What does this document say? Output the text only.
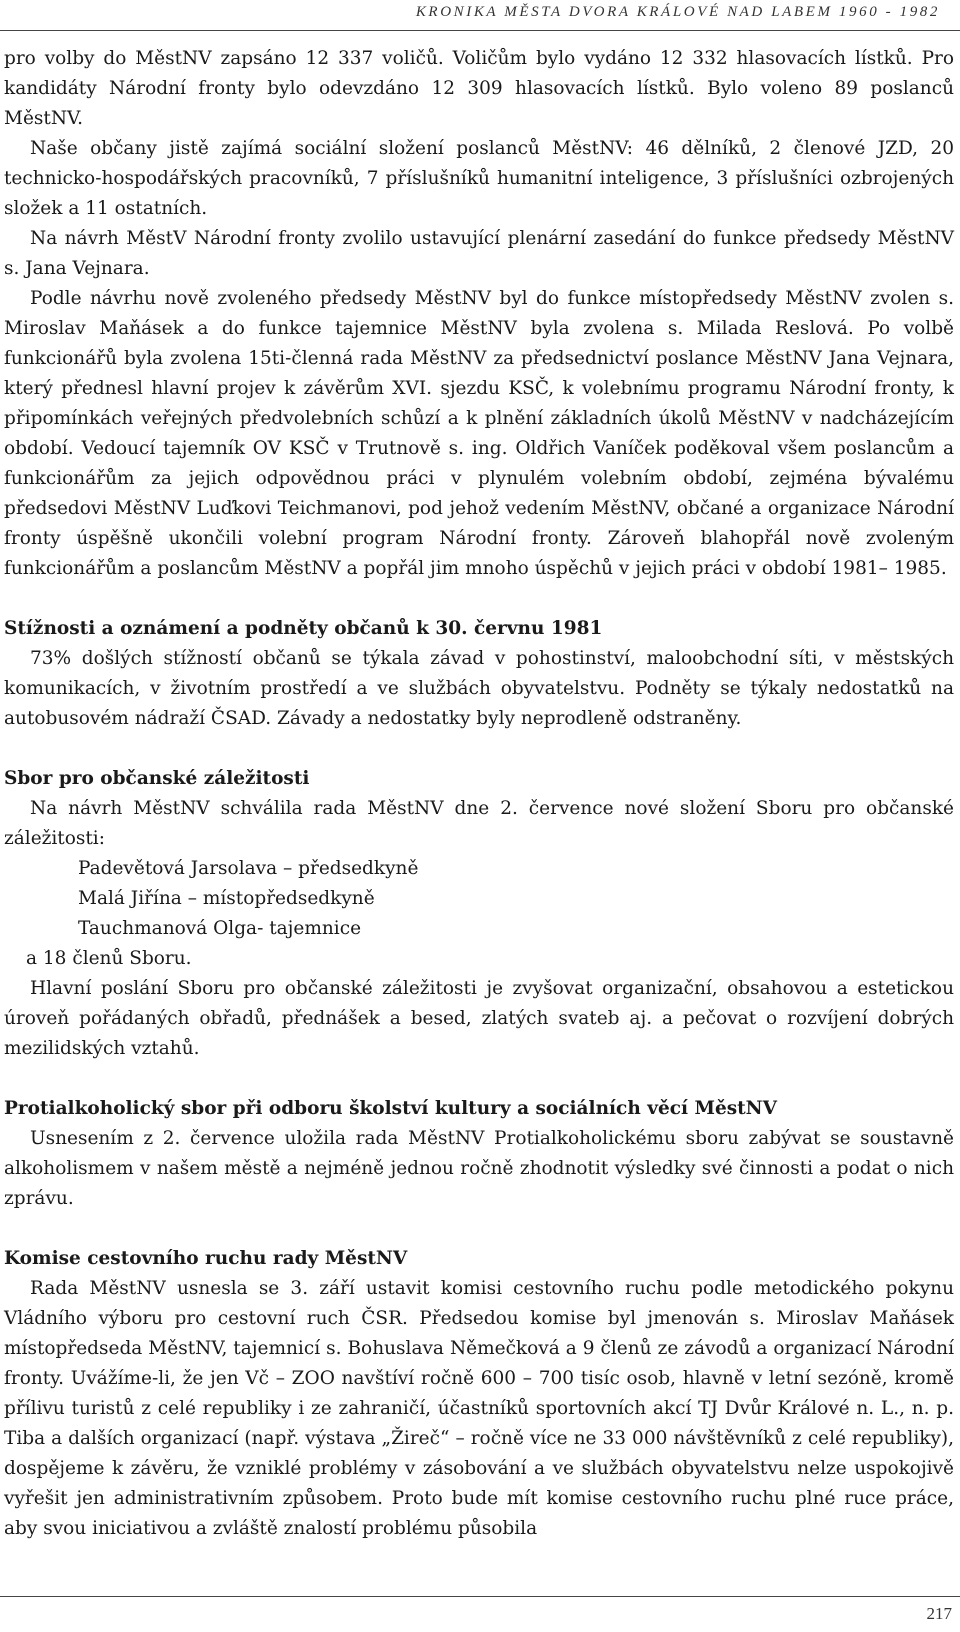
KRONIKA MĚSTA DVORA KRÁLOVÉ NAD LABEM 1960 - 1982

pro volby do MěstNV zapsáno 12 337 voličů. Voličům bylo vydáno 12 332 hlasovacích lístků. Pro kandidáty Národní fronty bylo odevzdáno 12 309 hlasovacích lístků. Bylo voleno 89 poslanců MěstNV.

Naše občany jistě zajímá sociální složení poslanců MěstNV: 46 dělníků, 2 členové JZD, 20 technicko-hospodářských pracovníků, 7 příslušníků humanitní inteligence, 3 příslušníci ozbrojených složek a 11 ostatních.

Na návrh MěstV Národní fronty zvolilo ustavující plenární zasedání do funkce předsedy MěstNV s. Jana Vejnara.

Podle návrhu nově zvoleného předsedy MěstNV byl do funkce místopředsedy MěstNV zvolen s. Miroslav Maňásek a do funkce tajemnice MěstNV byla zvolena s. Milada Reslová. Po volbě funkcionářů byla zvolena 15ti-členná rada MěstNV za předsednictví poslance MěstNV Jana Vejnara, který přednesl hlavní projev k závěrům XVI. sjezdu KSČ, k volebnímu programu Národní fronty, k připomínkách veřejných předvolebních schůzí a k plnění základních úkolů MěstNV v nadcházejícím období. Vedoucí tajemník OV KSČ v Trutnově s. ing. Oldřich Vaníček poděkoval všem poslancům a funkcionářům za jejich odpovědnou práci v plynulém volebním období, zejména bývalému předsedovi MěstNV Luďkovi Teichmanovi, pod jehož vedením MěstNV, občané a organizace Národní fronty úspěšně ukončili volební program Národní fronty. Zároveň blahopřál nově zvoleným funkcionářům a poslancům MěstNV a popřál jim mnoho úspěchů v jejich práci v období 1981– 1985.

Stížnosti a oznámení a podněty občanů k 30. červnu 1981

73% došlých stížností občanů se týkala závad v pohostinství, maloobchodní síti, v městských komunikacích, v životním prostředí a ve službách obyvatelstvu. Podněty se týkaly nedostatků na autobusovém nádraží ČSAD. Závady a nedostatky byly neprodleně odstraněny.

Sbor pro občanské záležitosti

Na návrh MěstNV schválila rada MěstNV dne 2. července nové složení Sboru pro občanské záležitosti:

Padevětová Jarsolava – předsedkyně
Malá Jiřína – místopředsedkyně
Tauchmanová Olga- tajemnice
a 18 členů Sboru.

Hlavní poslání Sboru pro občanské záležitosti je zvyšovat organizační, obsahovou a estetickou úroveň pořádaných obřadů, přednášek a besed, zlatých svateb aj. a pečovat o rozvíjení dobrých mezilidských vztahů.

Protialkoholický sbor při odboru školství kultury a sociálních věcí MěstNV

Usnesením z 2. července uložila rada MěstNV Protialkoholickému sboru zabývat se soustavně alkoholismem v našem městě a nejméně jednou ročně zhodnotit výsledky své činnosti a podat o nich zprávu.

Komise cestovního ruchu rady MěstNV

Rada MěstNV usnesla se 3. září ustavit komisi cestovního ruchu podle metodického pokynu Vládního výboru pro cestovní ruch ČSR. Předsedou komise byl jmenován s. Miroslav Maňásek místopředseda MěstNV, tajemnicí s. Bohuslava Němečková a 9 členů ze závodů a organizací Národní fronty. Uvážíme-li, že jen Vč – ZOO navštíví ročně 600 – 700 tisíc osob, hlavně v letní sezóně, kromě přílivu turistů z celé republiky i ze zahraničí, účastníků sportovních akcí TJ Dvůr Králové n. L., n. p. Tiba a dalších organizací (např. výstava „Žireč“ – ročně více ne 33 000 návštěvníků z celé republiky), dospějeme k závěru, že vzniklé problémy v zásobování a ve službách obyvatelstvu nelze uspokojivě vyřešit jen administrativním způsobem. Proto bude mít komise cestovního ruchu plné ruce práce, aby svou iniciativou a zvláště znalostí problému působila

217
